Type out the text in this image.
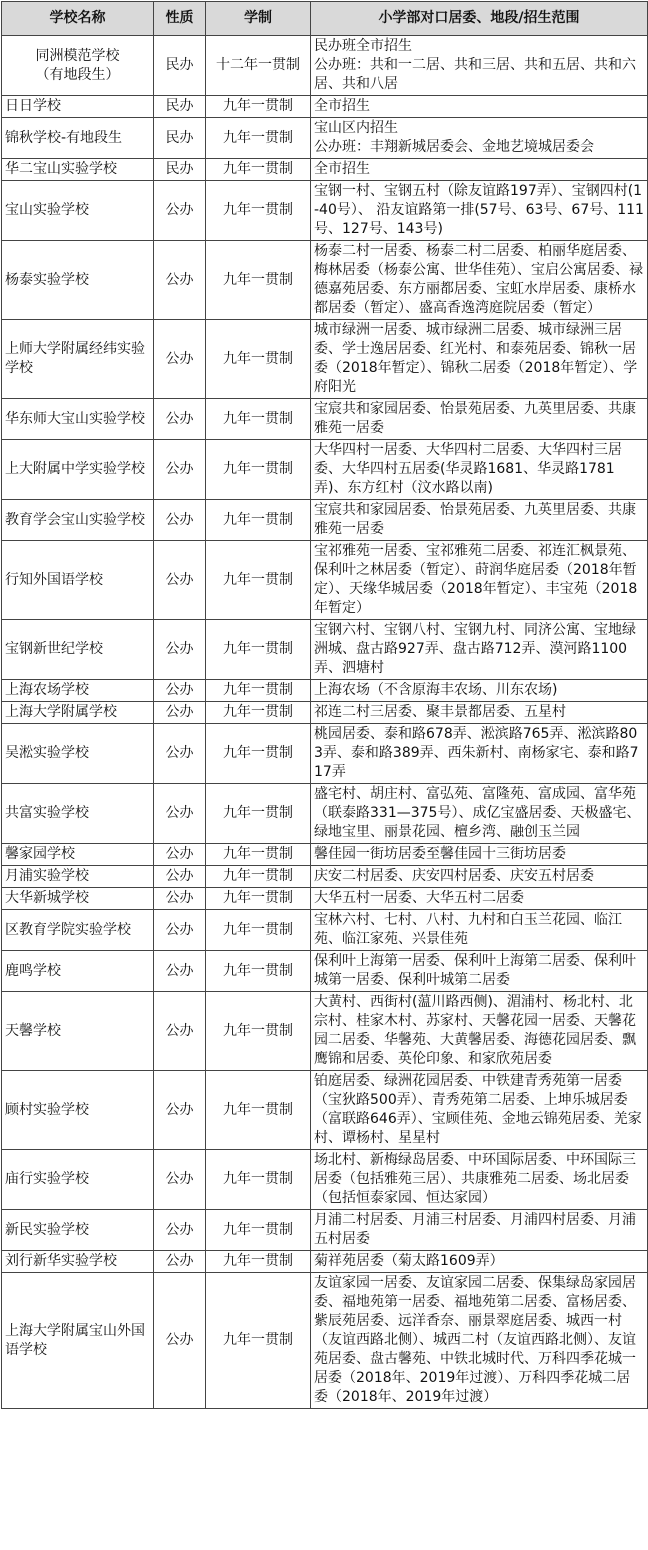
学校名称	性质	学制	小学部对口居委、地段/招生范围
同洲模范学校
（有地段生）	民办	十二年一贯制	民办班全市招生
公办班：共和一二居、共和三居、共和五居、共和六居、共和八居
日日学校	民办	九年一贯制	全市招生
锦秋学校-有地段生	民办	九年一贯制	宝山区内招生
公办班：丰翔新城居委会、金地艺境城居委会
华二宝山实验学校	民办	九年一贯制	全市招生
宝山实验学校	公办	九年一贯制	宝钢一村、宝钢五村（除友谊路197弄）、宝钢四村(1-40号）、 沿友谊路第一排(57号、63号、67号、111号、127号、143号)
杨泰实验学校	公办	九年一贯制	杨泰二村一居委、杨泰二村二居委、柏丽华庭居委、梅林居委（杨泰公寓、世华佳苑）、宝启公寓居委、禄德嘉苑居委、东方丽都居委、宝虹水岸居委、康桥水都居委（暂定）、盛高香逸湾庭院居委（暂定）
上师大学附属经纬实验学校	公办	九年一贯制	城市绿洲一居委、城市绿洲二居委、城市绿洲三居委、学士逸居居委、红光村、和泰苑居委、锦秋一居委（2018年暂定）、锦秋二居委（2018年暂定）、学府阳光
华东师大宝山实验学校	公办	九年一贯制	宝宸共和家园居委、怡景苑居委、九英里居委、共康雅苑一居委
上大附属中学实验学校	公办	九年一贯制	大华四村一居委、大华四村二居委、大华四村三居委、大华四村五居委(华灵路1681、华灵路1781弄)、东方红村（汶水路以南)
教育学会宝山实验学校	公办	九年一贯制	宝宸共和家园居委、怡景苑居委、九英里居委、共康雅苑一居委
行知外国语学校	公办	九年一贯制	宝祁雅苑一居委、宝祁雅苑二居委、祁连汇枫景苑、保利叶之林居委（暂定）、莳润华庭居委（2018年暂定）、天缘华城居委（2018年暂定）、丰宝苑（2018年暂定）
宝钢新世纪学校	公办	九年一贯制	宝钢六村、宝钢八村、宝钢九村、同济公寓、宝地绿洲城、盘古路927弄、盘古路712弄、漠河路1100弄、泗塘村
上海农场学校	公办	九年一贯制	上海农场（不含原海丰农场、川东农场)
上海大学附属学校	公办	九年一贯制	祁连二村三居委、聚丰景都居委、五星村
吴淞实验学校	公办	九年一贯制	桃园居委、泰和路678弄、淞滨路765弄、淞滨路803弄、泰和路389弄、西朱新村、南杨家宅、泰和路717弄
共富实验学校	公办	九年一贯制	盛宅村、胡庄村、富弘苑、富隆苑、富成园、富华苑（联泰路331—375号）、成亿宝盛居委、天极盛宅、绿地宝里、丽景花园、檀乡湾、融创玉兰园
馨家园学校	公办	九年一贯制	馨佳园一街坊居委至馨佳园十三街坊居委
月浦实验学校	公办	九年一贯制	庆安二村居委、庆安四村居委、庆安五村居委
大华新城学校	公办	九年一贯制	大华五村一居委、大华五村二居委
区教育学院实验学校	公办	九年一贯制	宝林六村、七村、八村、九村和白玉兰花园、临江苑、临江家苑、兴景佳苑
鹿鸣学校	公办	九年一贯制	保利叶上海第一居委、保利叶上海第二居委、保利叶城第一居委、保利叶城第二居委
天馨学校	公办	九年一贯制	大黄村、西街村(蕰川路西侧)、湄浦村、杨北村、北宗村、桂家木村、苏家村、天馨花园一居委、天馨花园二居委、华馨苑、大黄馨居委、海德花园居委、飘鹰锦和居委、英伦印象、和家欣苑居委
顾村实验学校	公办	九年一贯制	铂庭居委、绿洲花园居委、中铁建青秀苑第一居委（宝狄路500弄）、青秀苑第二居委、上坤乐城居委（富联路646弄）、宝顾佳苑、金地云锦苑居委、羌家村、谭杨村、星星村
庙行实验学校	公办	九年一贯制	场北村、新梅绿岛居委、中环国际居委、中环国际三居委（包括雅苑三居）、共康雅苑二居委、场北居委（包括恒泰家园、恒达家园）
新民实验学校	公办	九年一贯制	月浦二村居委、月浦三村居委、月浦四村居委、月浦五村居委
刘行新华实验学校	公办	九年一贯制	菊祥苑居委（菊太路1609弄）
上海大学附属宝山外国语学校	公办	九年一贯制	友谊家园一居委、友谊家园二居委、保集绿岛家园居委、福地苑第一居委、福地苑第二居委、富杨居委、紫辰苑居委、远洋香奈、丽景翠庭居委、城西一村（友谊西路北侧）、城西二村（友谊西路北侧）、友谊苑居委、盘古馨苑、中铁北城时代、万科四季花城一居委（2018年、2019年过渡）、万科四季花城二居委（2018年、2019年过渡）
